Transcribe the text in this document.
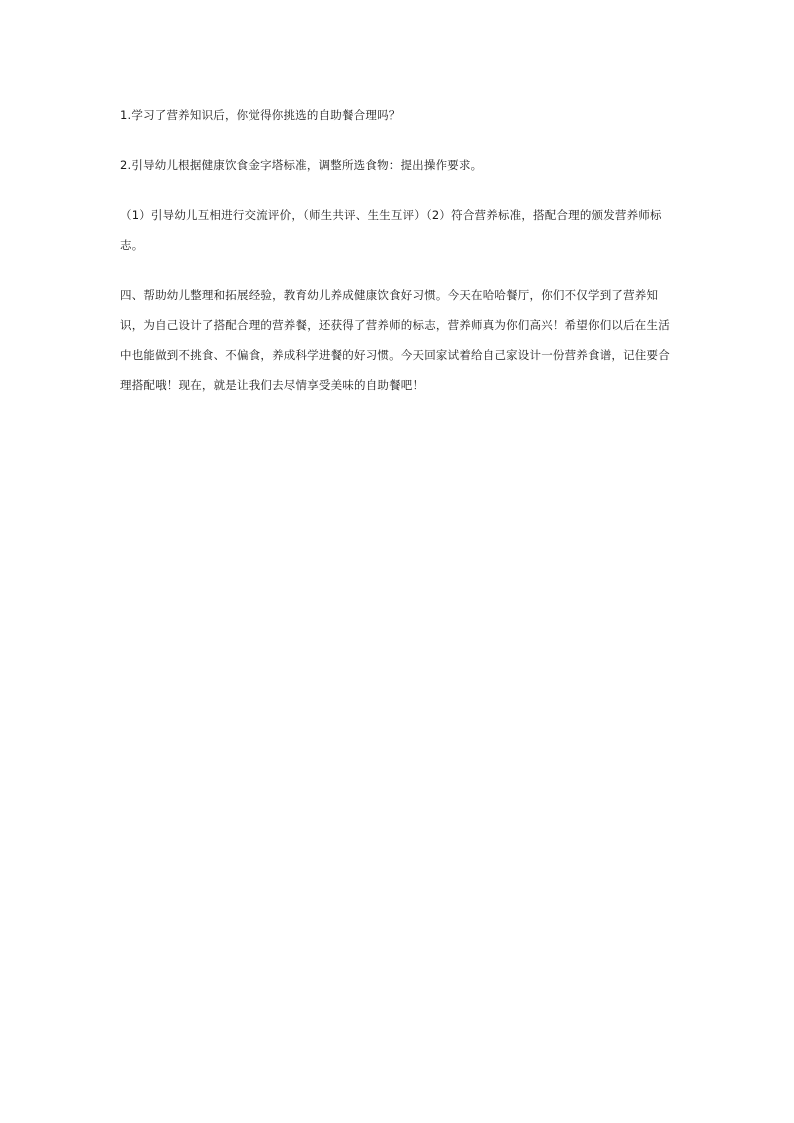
1.学习了营养知识后，你觉得你挑选的自助餐合理吗？

2.引导幼儿根据健康饮食金字塔标准，调整所选食物：提出操作要求。

（1）引导幼儿互相进行交流评价，（师生共评、生生互评）（2）符合营养标准，搭配合理的颁发营养师标志。

四、帮助幼儿整理和拓展经验，教育幼儿养成健康饮食好习惯。今天在哈哈餐厅，你们不仅学到了营养知识，为自己设计了搭配合理的营养餐，还获得了营养师的标志，营养师真为你们高兴！希望你们以后在生活中也能做到不挑食、不偏食，养成科学进餐的好习惯。今天回家试着给自己家设计一份营养食谱，记住要合理搭配哦！现在，就是让我们去尽情享受美味的自助餐吧！
